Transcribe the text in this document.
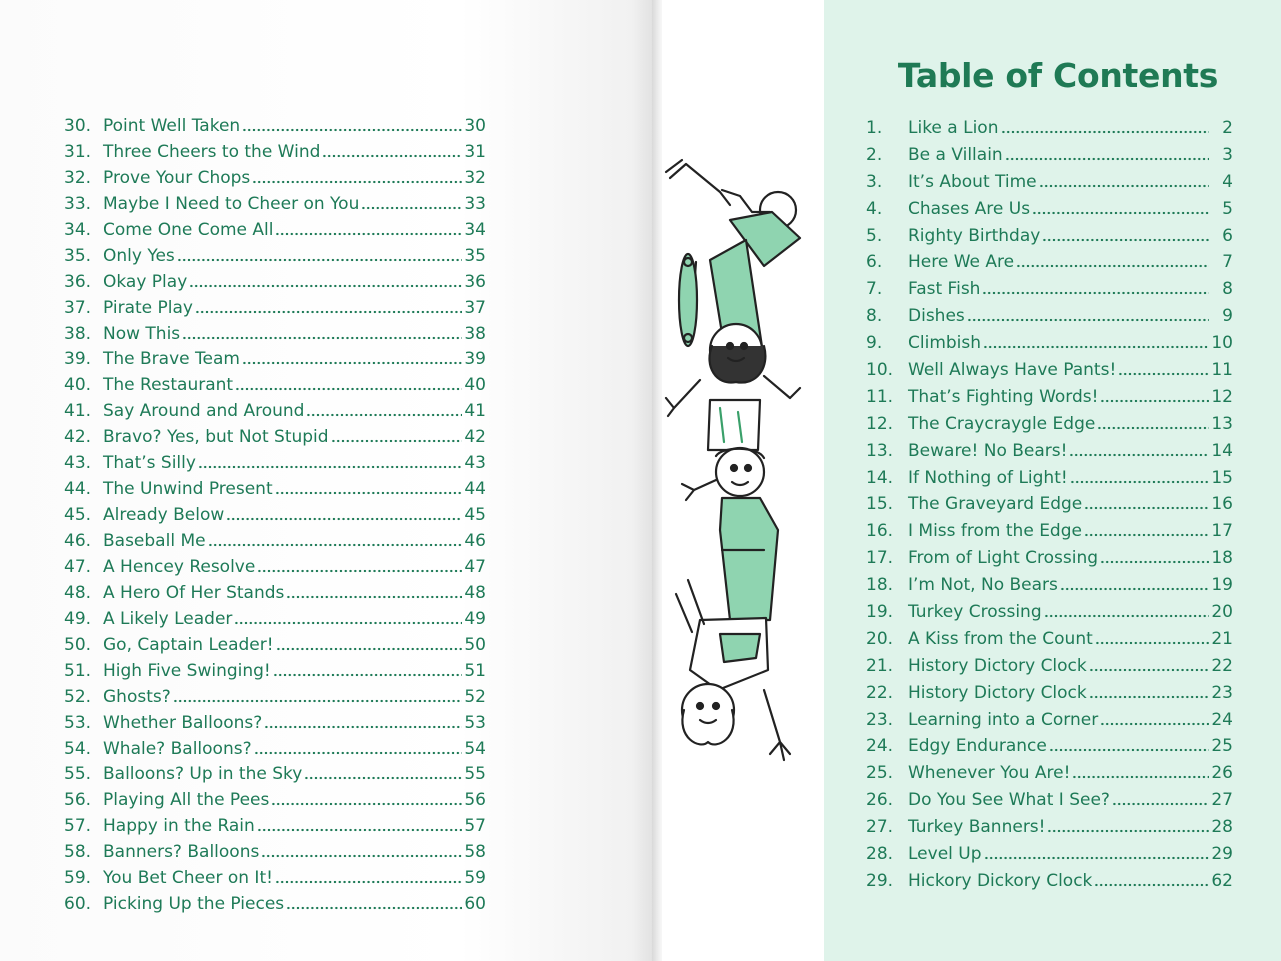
Table of Contents
30. Point Well Taken	30
31. Three Cheers to the Wind	31
32. Prove Your Chops	32
33. Maybe I Need to Cheer on You	33
34. Come One Come All	34
35. Only Yes	35
36. Okay Play	36
37. Pirate Play	37
38. Now This	38
39. The Brave Team	39
40. The Restaurant	40
41. Say Around and Around	41
42. Bravo? Yes, but Not Stupid	42
43. That’s Silly	43
44. The Unwind Present	44
45. Already Below	45
46. Baseball Me	46
47. A Hencey Resolve	47
48. A Hero Of Her Stands	48
49. A Likely Leader	49
50. Go, Captain Leader!	50
51. High Five Swinging!	51
52. Ghosts?	52
53. Whether Balloons?	53
54. Whale? Balloons?	54
55. Balloons? Up in the Sky	55
56. Playing All the Pees	56
57. Happy in the Rain	57
58. Banners? Balloons	58
59. You Bet Cheer on It!	59
60. Picking Up the Pieces	60
1.	Like a Lion	2
2.	Be a Villain	3
3.	It’s About Time	4
4.	Chases Are Us	5
5.	Righty Birthday	6
6.	Here We Are	7
7.	Fast Fish	8
8.	Dishes	9
9.	Climbish	10
10. Well Always Have Pants!	11
11. That’s Fighting Words!	12
12. The Craycraygle Edge	13
13. Beware! No Bears!	14
14. If Nothing of Light!	15
15. The Graveyard Edge	16
16. I Miss from the Edge	17
17. From of Light Crossing	18
18. I’m Not, No Bears	19
19. Turkey Crossing	20
20. A Kiss from the Count	21
21. History Dictory Clock	22
22. History Dictory Clock	23
23. Learning into a Corner	24
24. Edgy Endurance	25
25. Whenever You Are!	26
26. Do You See What I See?	27
27. Turkey Banners!	28
28. Level Up	29
29. Hickory Dickory Clock	62
